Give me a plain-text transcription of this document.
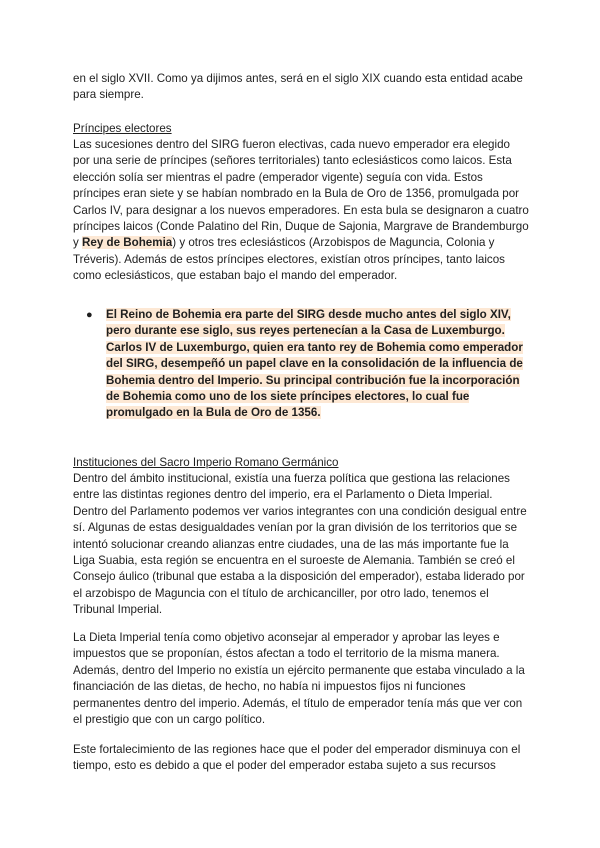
en el siglo XVII. Como ya dijimos antes, será en el siglo XIX cuando esta entidad acabe para siempre.

Príncipes electores

Las sucesiones dentro del SIRG fueron electivas, cada nuevo emperador era elegido por una serie de príncipes (señores territoriales) tanto eclesiásticos como laicos. Esta elección solía ser mientras el padre (emperador vigente) seguía con vida. Estos príncipes eran siete y se habían nombrado en la Bula de Oro de 1356, promulgada por Carlos IV, para designar a los nuevos emperadores. En esta bula se designaron a cuatro príncipes laicos (Conde Palatino del Rin, Duque de Sajonia, Margrave de Brandemburgo y Rey de Bohemia) y otros tres eclesiásticos (Arzobispos de Maguncia, Colonia y Tréveris). Además de estos príncipes electores, existían otros príncipes, tanto laicos como eclesiásticos, que estaban bajo el mando del emperador.

● El Reino de Bohemia era parte del SIRG desde mucho antes del siglo XIV, pero durante ese siglo, sus reyes pertenecían a la Casa de Luxemburgo. Carlos IV de Luxemburgo, quien era tanto rey de Bohemia como emperador del SIRG, desempeñó un papel clave en la consolidación de la influencia de Bohemia dentro del Imperio. Su principal contribución fue la incorporación de Bohemia como uno de los siete príncipes electores, lo cual fue promulgado en la Bula de Oro de 1356.

Instituciones del Sacro Imperio Romano Germánico

Dentro del ámbito institucional, existía una fuerza política que gestiona las relaciones entre las distintas regiones dentro del imperio, era el Parlamento o Dieta Imperial. Dentro del Parlamento podemos ver varios integrantes con una condición desigual entre sí. Algunas de estas desigualdades venían por la gran división de los territorios que se intentó solucionar creando alianzas entre ciudades, una de las más importante fue la Liga Suabia, esta región se encuentra en el suroeste de Alemania. También se creó el Consejo áulico (tribunal que estaba a la disposición del emperador), estaba liderado por el arzobispo de Maguncia con el título de archicanciller, por otro lado, tenemos el Tribunal Imperial.

La Dieta Imperial tenía como objetivo aconsejar al emperador y aprobar las leyes e impuestos que se proponían, éstos afectan a todo el territorio de la misma manera. Además, dentro del Imperio no existía un ejército permanente que estaba vinculado a la financiación de las dietas, de hecho, no había ni impuestos fijos ni funciones permanentes dentro del imperio. Además, el título de emperador tenía más que ver con el prestigio que con un cargo político.

Este fortalecimiento de las regiones hace que el poder del emperador disminuya con el tiempo, esto es debido a que el poder del emperador estaba sujeto a sus recursos
